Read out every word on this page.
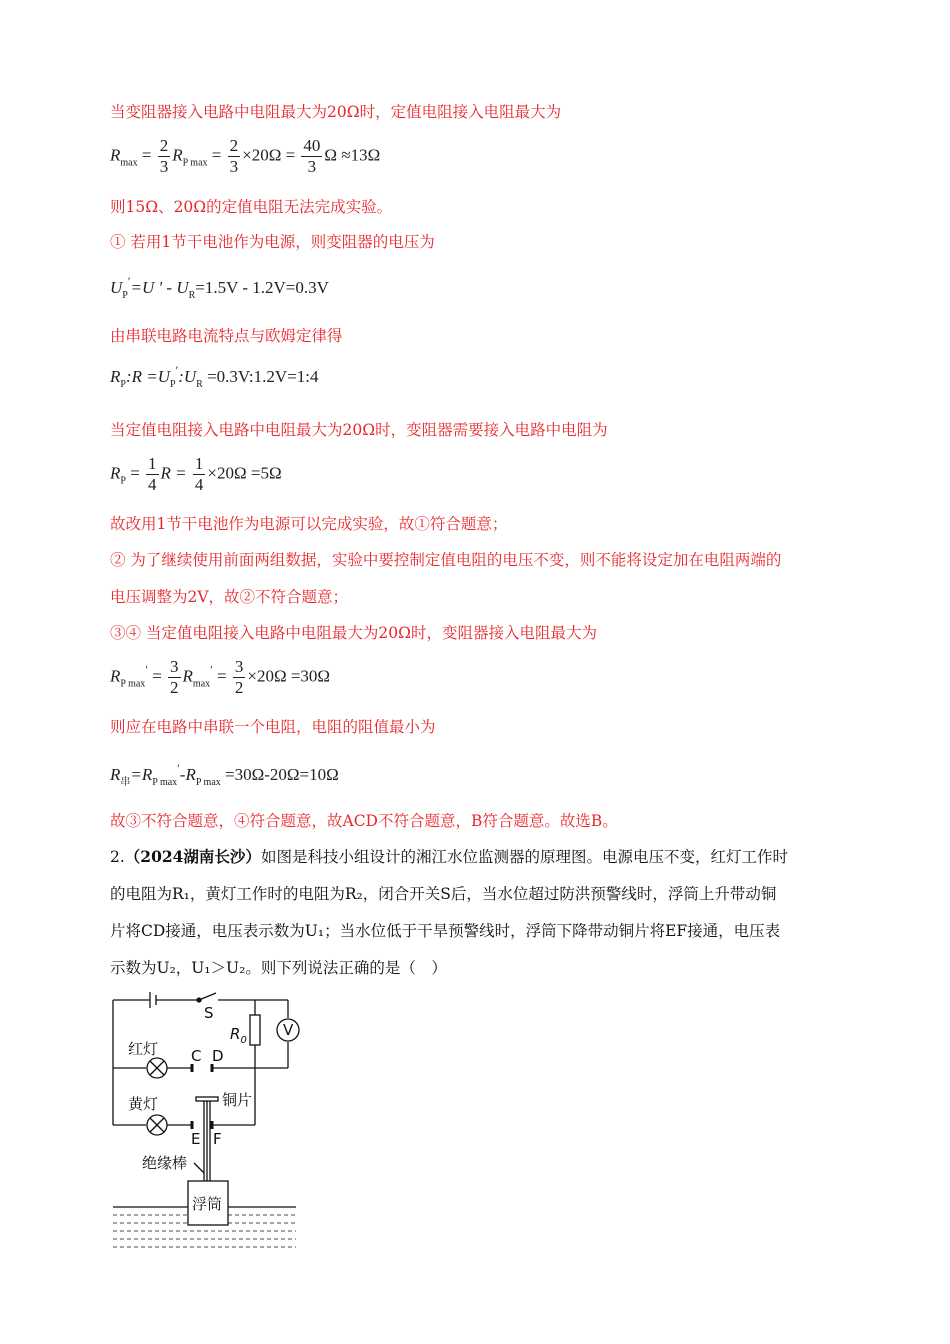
当变阻器接入电路中电阻最大为20Ω时，定值电阻接入电阻最大为
$R_{max} = \frac{2}{3} R_{P max} = \frac{2}{3} \times 20\Omega = \frac{40}{3}$ Ω ≈13Ω
则15Ω、20Ω的定值电阻无法完成实验。
① 若用1节干电池作为电源，则变阻器的电压为
$U_P'=U$ ′ - $U_R=1.5V - 1.2V=0.3V$
由串联电路电流特点与欧姆定律得
$R_P:R$ $=U_P':U_R$ =0.3V:1.2V=1:4
当定值电阻接入电路中电阻最大为20Ω时，变阻器需要接入电路中电阻为
$R_P = \frac{1}{4}$ $R = \frac{1}{4} \times 20\Omega =5\Omega$
故改用1节干电池作为电源可以完成实验，故①符合题意；
② 为了继续使用前面两组数据，实验中要控制定值电阻的电压不变，则不能将设定加在电阻两端的
电压调整为2V，故②不符合题意；
③④ 当定值电阻接入电路中电阻最大为20Ω时，变阻器接入电阻最大为
$R_{P max}' = \frac{3}{2} R_{max}' = \frac{3}{2} \times 20\Omega =30\Omega$
则应在电路中串联一个电阻，电阻的阻值最小为
$R_串=R_{P max}'-R_{P max} =30\Omega-20\Omega=10\Omega$
故③不符合题意，④符合题意，故ACD不符合题意，B符合题意。故选B。
2.（2024湖南长沙）如图是科技小组设计的湘江水位监测器的原理图。电源电压不变，红灯工作时
的电阻为R₁，黄灯工作时的电阻为R₂，闭合开关S后，当水位超过防洪预警线时，浮筒上升带动铜
片将CD接通，电压表示数为U₁；当水位低于干旱预警线时，浮筒下降带动铜片将EF接通，电压表
示数为U₂，U₁＞U₂。则下列说法正确的是（　）
S
$R_0$
V
红灯 C D
黄灯	铜片
E F
绝缘棒
浮筒
